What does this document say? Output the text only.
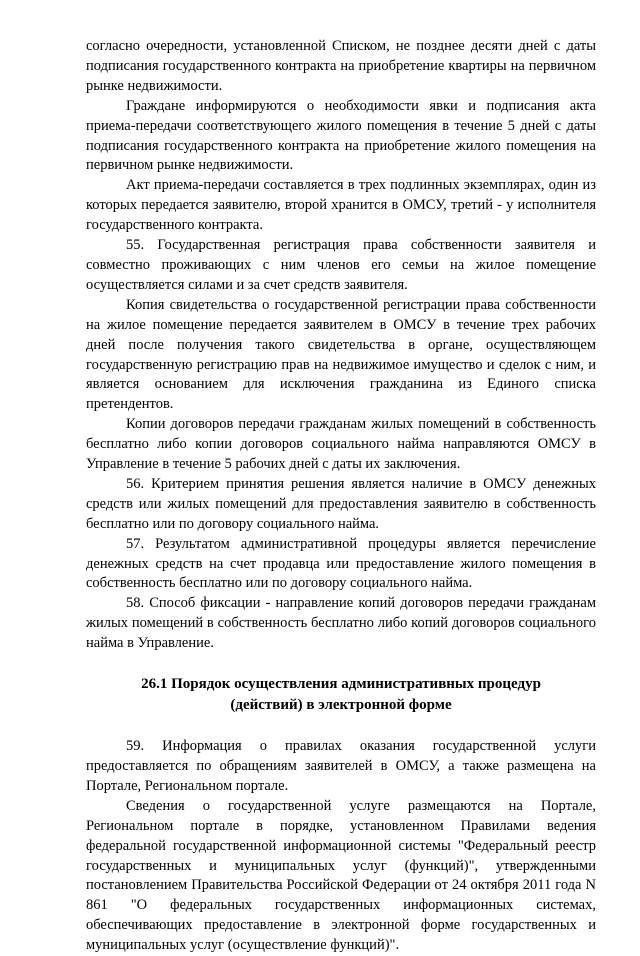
согласно очередности, установленной Списком, не позднее десяти дней с даты подписания государственного контракта на приобретение квартиры на первичном рынке недвижимости.

Граждане информируются о необходимости явки и подписания акта приема-передачи соответствующего жилого помещения в течение 5 дней с даты подписания государственного контракта на приобретение жилого помещения на первичном рынке недвижимости.

Акт приема-передачи составляется в трех подлинных экземплярах, один из которых передается заявителю, второй хранится в ОМСУ, третий - у исполнителя государственного контракта.

55. Государственная регистрация права собственности заявителя и совместно проживающих с ним членов его семьи на жилое помещение осуществляется силами и за счет средств заявителя.

Копия свидетельства о государственной регистрации права собственности на жилое помещение передается заявителем в ОМСУ в течение трех рабочих дней после получения такого свидетельства в органе, осуществляющем государственную регистрацию прав на недвижимое имущество и сделок с ним, и является основанием для исключения гражданина из Единого списка претендентов.

Копии договоров передачи гражданам жилых помещений в собственность бесплатно либо копии договоров социального найма направляются ОМСУ в Управление в течение 5 рабочих дней с даты их заключения.

56. Критерием принятия решения является наличие в ОМСУ денежных средств или жилых помещений для предоставления заявителю в собственность бесплатно или по договору социального найма.

57. Результатом административной процедуры является перечисление денежных средств на счет продавца или предоставление жилого помещения в собственность бесплатно или по договору социального найма.

58. Способ фиксации - направление копий договоров передачи гражданам жилых помещений в собственность бесплатно либо копий договоров социального найма в Управление.

26.1 Порядок осуществления административных процедур
(действий) в электронной форме

59. Информация о правилах оказания государственной услуги предоставляется по обращениям заявителей в ОМСУ, а также размещена на Портале, Региональном портале.

Сведения о государственной услуге размещаются на Портале, Региональном портале в порядке, установленном Правилами ведения федеральной государственной информационной системы "Федеральный реестр государственных и муниципальных услуг (функций)", утвержденными постановлением Правительства Российской Федерации от 24 октября 2011 года N 861 "О федеральных государственных информационных системах, обеспечивающих предоставление в электронной форме государственных и муниципальных услуг (осуществление функций)".
